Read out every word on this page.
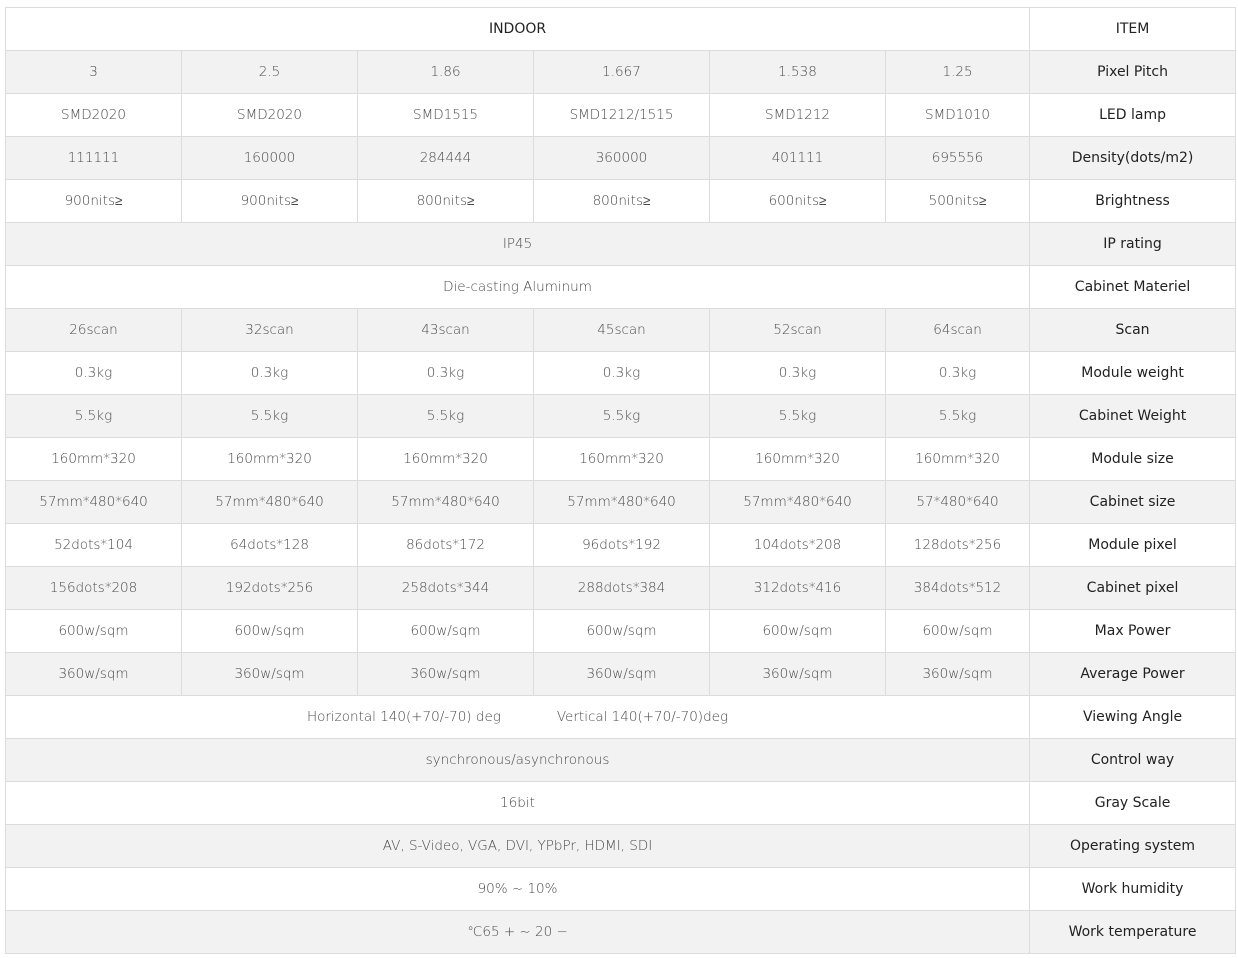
INDOOR						ITEM
3	2.5	1.86	1.667	1.538	1.25	Pixel Pitch
SMD2020	SMD2020	SMD1515	SMD1212/1515	SMD1212	SMD1010	LED lamp
111111	160000	284444	360000	401111	695556	Density(dots/m2)
900nits≥	900nits≥	800nits≥	800nits≥	600nits≥	500nits≥	Brightness
IP45						IP rating
Die-casting Aluminum						Cabinet Materiel
26scan	32scan	43scan	45scan	52scan	64scan	Scan
0.3kg	0.3kg	0.3kg	0.3kg	0.3kg	0.3kg	Module weight
5.5kg	5.5kg	5.5kg	5.5kg	5.5kg	5.5kg	Cabinet Weight
160mm*320	160mm*320	160mm*320	160mm*320	160mm*320	160mm*320	Module size
57mm*480*640	57mm*480*640	57mm*480*640	57mm*480*640	57mm*480*640	57*480*640	Cabinet size
52dots*104	64dots*128	86dots*172	96dots*192	104dots*208	128dots*256	Module pixel
156dots*208	192dots*256	258dots*344	288dots*384	312dots*416	384dots*512	Cabinet pixel
600w/sqm	600w/sqm	600w/sqm	600w/sqm	600w/sqm	600w/sqm	Max Power
360w/sqm	360w/sqm	360w/sqm	360w/sqm	360w/sqm	360w/sqm	Average Power
Horizontal 140(+70/-70) deg Vertical 140(+70/-70)deg						Viewing Angle
synchronous/asynchronous						Control way
16bit						Gray Scale
AV, S-Video, VGA, DVI, YPbPr, HDMI, SDI						Operating system
90% ~ 10%						Work humidity
℃65 + ~ 20 −						Work temperature
